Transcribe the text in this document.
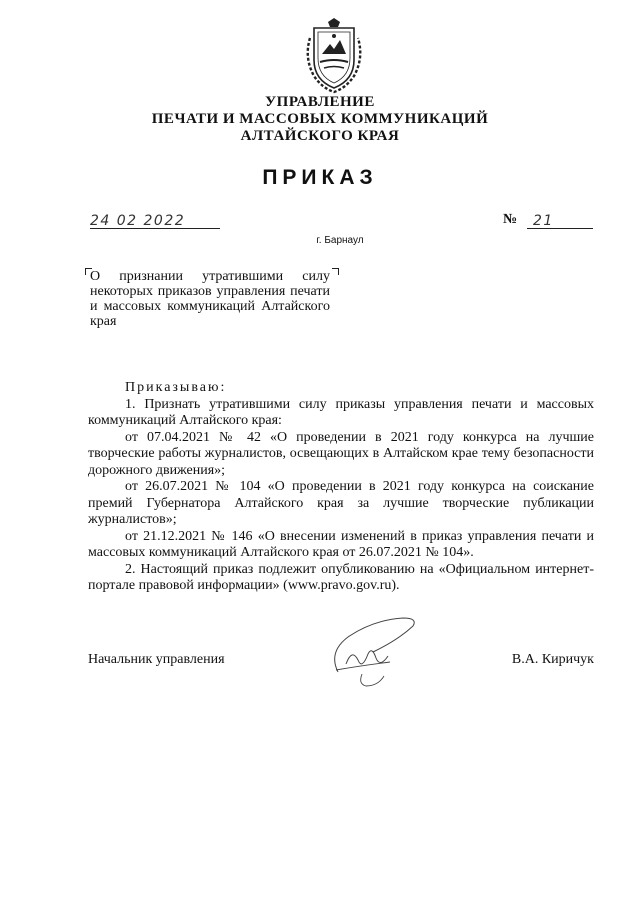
УПРАВЛЕНИЕ
ПЕЧАТИ И МАССОВЫХ КОММУНИКАЦИЙ
АЛТАЙСКОГО КРАЯ
ПРИКАЗ
24 02 2022	№	21
г. Барнаул
О признании утратившими силу некоторых приказов управления печати и массовых коммуникаций Алтайского края
Приказываю:
1. Признать утратившими силу приказы управления печати и массовых коммуникаций Алтайского края:
от 07.04.2021 № 42 «О проведении в 2021 году конкурса на лучшие творческие работы журналистов, освещающих в Алтайском крае тему безопасности дорожного движения»;
от 26.07.2021 № 104 «О проведении в 2021 году конкурса на соискание премий Губернатора Алтайского края за лучшие творческие публикации журналистов»;
от 21.12.2021 № 146 «О внесении изменений в приказ управления печати и массовых коммуникаций Алтайского края от 26.07.2021 № 104».
2. Настоящий приказ подлежит опубликованию на «Официальном интернет-портале правовой информации» (www.pravo.gov.ru).
Начальник управления	В.А. Киричук
